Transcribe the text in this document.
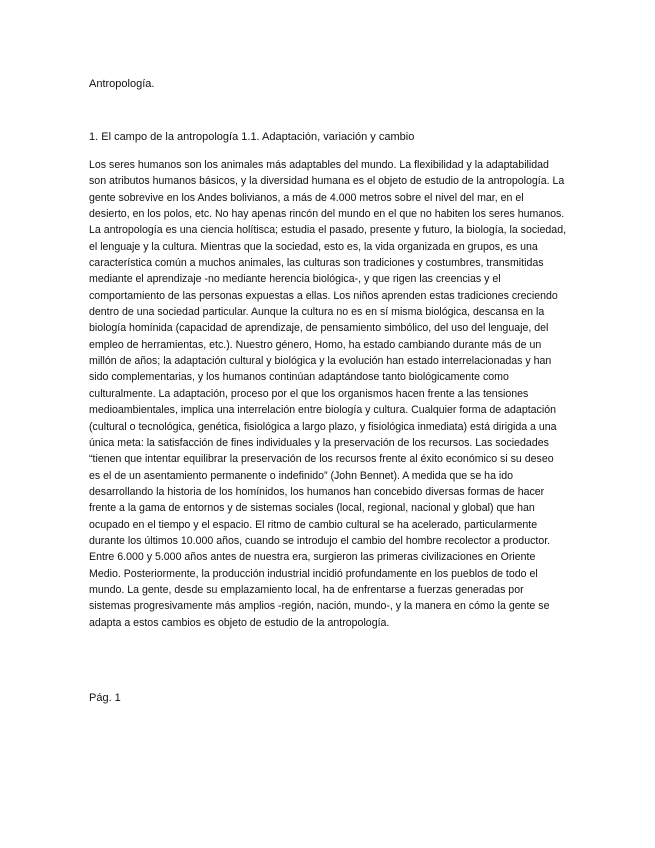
Antropología.
1. El campo de la antropología 1.1. Adaptación, variación y cambio

Los seres humanos son los animales más adaptables del mundo. La flexibilidad y la adaptabilidad son atributos humanos básicos, y la diversidad humana es el objeto de estudio de la antropología. La gente sobrevive en los Andes bolivianos, a más de 4.000 metros sobre el nivel del mar, en el desierto, en los polos, etc. No hay apenas rincón del mundo en el que no habiten los seres humanos. La antropología es una ciencia holítisca; estudia el pasado, presente y futuro, la biología, la sociedad, el lenguaje y la cultura. Mientras que la sociedad, esto es, la vida organizada en grupos, es una característica común a muchos animales, las culturas son tradiciones y costumbres, transmitidas mediante el aprendizaje -no mediante herencia biológica-, y que rigen las creencias y el comportamiento de las personas expuestas a ellas. Los niños aprenden estas tradiciones creciendo dentro de una sociedad particular. Aunque la cultura no es en sí misma biológica, descansa en la biología homínida (capacidad de aprendizaje, de pensamiento simbólico, del uso del lenguaje, del empleo de herramientas, etc.). Nuestro género, Homo, ha estado cambiando durante más de un millón de años; la adaptación cultural y biológica y la evolución han estado interrelacionadas y han sido complementarias, y los humanos continúan adaptándose tanto biológicamente como culturalmente. La adaptación, proceso por el que los organismos hacen frente a las tensiones medioambientales, implica una interrelación entre biología y cultura. Cualquier forma de adaptación (cultural o tecnológica, genética, fisiológica a largo plazo, y fisiológica inmediata) está dirigida a una única meta: la satisfacción de fines individuales y la preservación de los recursos. Las sociedades “tienen que intentar equilibrar la preservación de los recursos frente al éxito económico si su deseo es el de un asentamiento permanente o indefinido” (John Bennet). A medida que se ha ido desarrollando la historia de los homínidos, los humanos han concebido diversas formas de hacer frente a la gama de entornos y de sistemas sociales (local, regional, nacional y global) que han ocupado en el tiempo y el espacio. El ritmo de cambio cultural se ha acelerado, particularmente durante los últimos 10.000 años, cuando se introdujo el cambio del hombre recolector a productor. Entre 6.000 y 5.000 años antes de nuestra era, surgieron las primeras civilizaciones en Oriente Medio. Posteriormente, la producción industrial incidió profundamente en los pueblos de todo el mundo. La gente, desde su emplazamiento local, ha de enfrentarse a fuerzas generadas por sistemas progresivamente más amplios -región, nación, mundo-, y la manera en cómo la gente se adapta a estos cambios es objeto de estudio de la antropología.

Pág. 1
